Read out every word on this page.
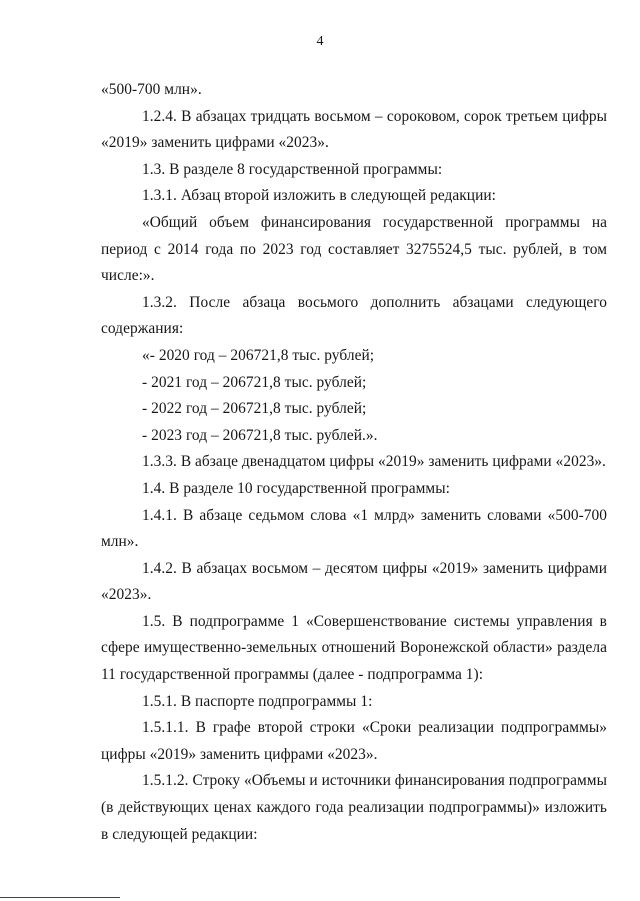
4

«500-700 млн».

1.2.4. В абзацах тридцать восьмом – сороковом, сорок третьем цифры «2019» заменить цифрами «2023».

1.3. В разделе 8 государственной программы:

1.3.1. Абзац второй изложить в следующей редакции:

«Общий объем финансирования государственной программы на период с 2014 года по 2023 год составляет 3275524,5 тыс. рублей, в том числе:».

1.3.2. После абзаца восьмого дополнить абзацами следующего содержания:

«- 2020 год – 206721,8 тыс. рублей;

- 2021 год – 206721,8 тыс. рублей;

- 2022 год – 206721,8 тыс. рублей;

- 2023 год – 206721,8 тыс. рублей.».

1.3.3. В абзаце двенадцатом цифры «2019» заменить цифрами «2023».

1.4. В разделе 10 государственной программы:

1.4.1. В абзаце седьмом слова «1 млрд» заменить словами «500-700 млн».

1.4.2. В абзацах восьмом – десятом цифры «2019» заменить цифрами «2023».

1.5. В подпрограмме 1 «Совершенствование системы управления в сфере имущественно-земельных отношений Воронежской области» раздела 11 государственной программы (далее - подпрограмма 1):

1.5.1. В паспорте подпрограммы 1:

1.5.1.1. В графе второй строки «Сроки реализации подпрограммы» цифры «2019» заменить цифрами «2023».

1.5.1.2. Строку «Объемы и источники финансирования подпрограммы (в действующих ценах каждого года реализации подпрограммы)» изложить в следующей редакции:
